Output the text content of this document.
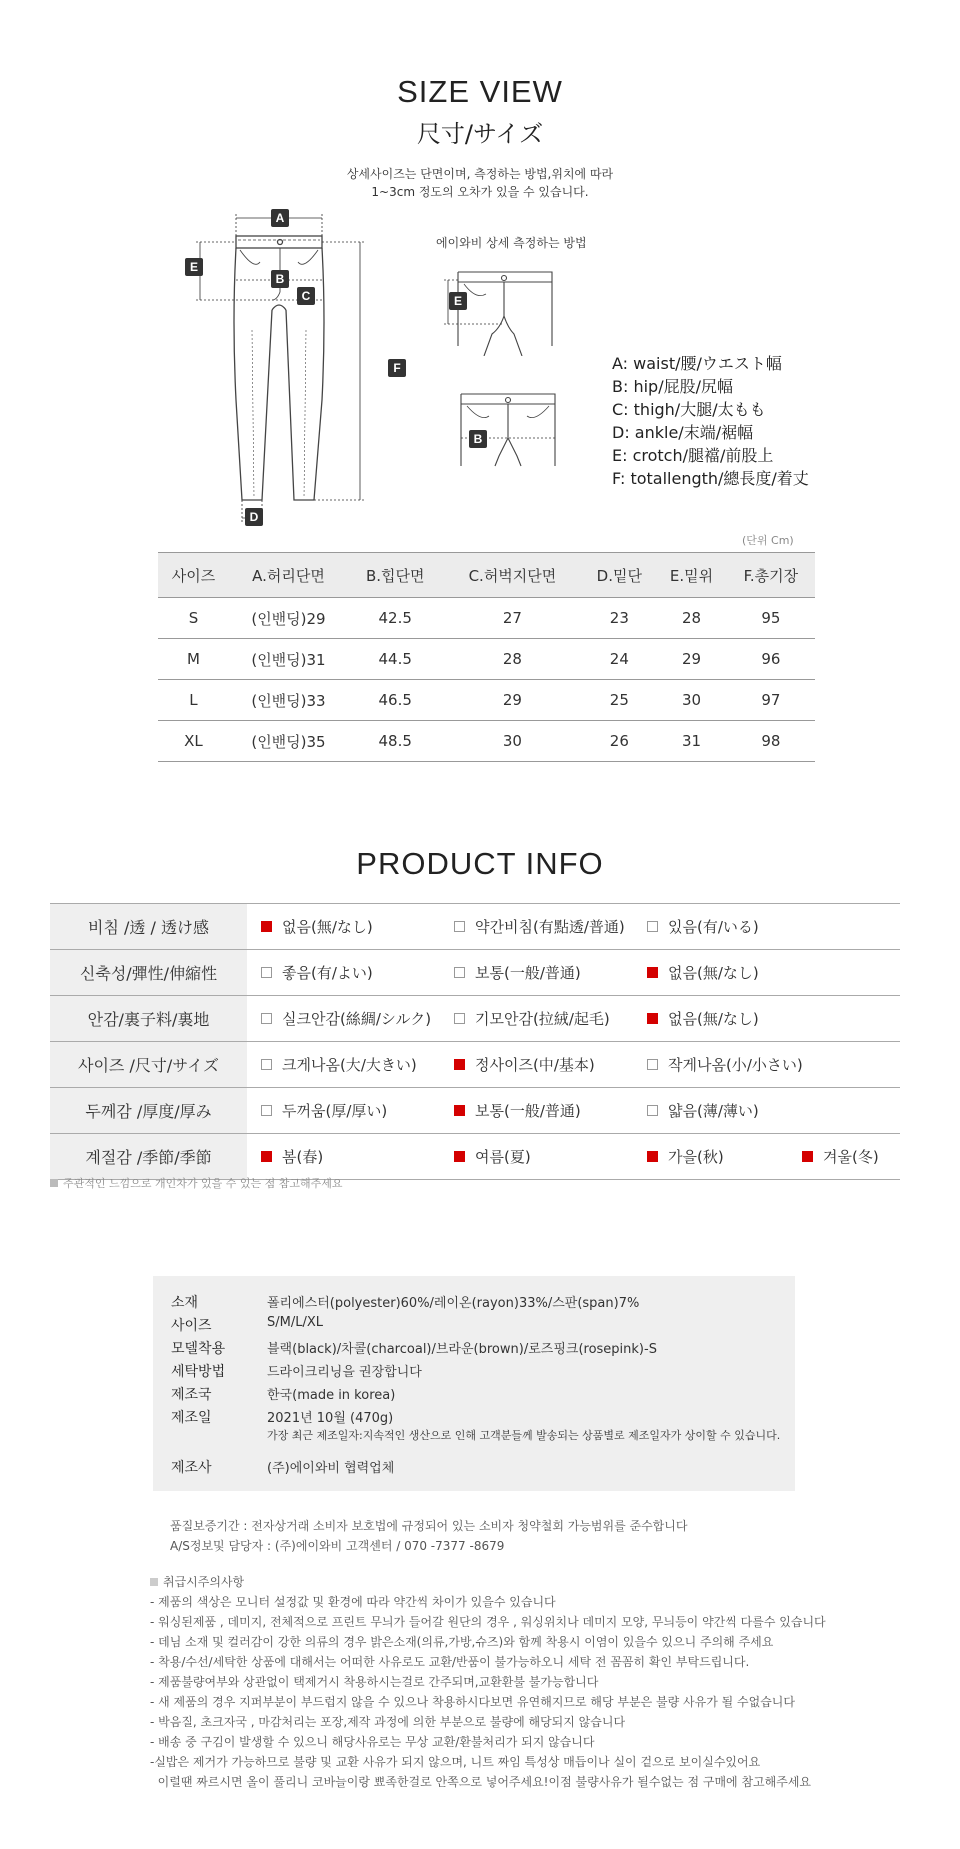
SIZE VIEW
尺寸/サイズ
상세사이즈는 단면이며, 측정하는 방법,위치에 따라
1~3cm 정도의 오차가 있을 수 있습니다.
A
E
B
C
F
D
에이와비 상세 측정하는 방법
E
B
A: waist/腰/ウエスト幅
B: hip/屁股/尻幅
C: thigh/大腿/太もも
D: ankle/末端/裾幅
E: crotch/腿襠/前股上
F: totallength/總長度/着丈
(단위 Cm)
사이즈	A.허리단면	B.힙단면	C.허벅지단면	D.밑단	E.밑위	F.총기장
S	(인밴딩)29	42.5	27	23	28	95
M	(인밴딩)31	44.5	28	24	29	96
L	(인밴딩)33	46.5	29	25	30	97
XL	(인밴딩)35	48.5	30	26	31	98
PRODUCT INFO
비침 /透 / 透け感	없음(無/なし)	약간비침(有點透/普通)	있음(有/いる)	
신축성/彈性/伸縮性	좋음(有/よい)	보통(一般/普通)	없음(無/なし)	
안감/裏子料/裏地	실크안감(絲綢/シルク)	기모안감(拉絨/起毛)	없음(無/なし)	
사이즈 /尺寸/サイズ	크게나옴(大/大きい)	정사이즈(中/基本)	작게나옴(小/小さい)	
두께감 /厚度/厚み	두꺼움(厚/厚い)	보통(一般/普通)	얇음(薄/薄い)	
계절감 /季節/季節	봄(春)	여름(夏)	가을(秋)	겨울(冬)
주관적인 느낌으로 개인차가 있을 수 있는 점 참고해주세요
소재	폴리에스터(polyester)60%/레이온(rayon)33%/스판(span)7%
사이즈	S/M/L/XL
모델착용	블랙(black)/차콜(charcoal)/브라운(brown)/로즈핑크(rosepink)-S
세탁방법	드라이크리닝을 권장합니다
제조국	한국(made in korea)
제조일	2021년 10월 (470g)
가장 최근 제조일자:지속적인 생산으로 인해 고객분들께 발송되는 상품별로 제조일자가 상이할 수 있습니다.
제조사	(주)에이와비 협력업체
품질보증기간 : 전자상거래 소비자 보호법에 규정되어 있는 소비자 청약철회 가능범위를 준수합니다
A/S정보및 담당자 : (주)에이와비 고객센터 / 070 -7377 -8679
취급시주의사항
- 제품의 색상은 모니터 설정값 및 환경에 따라 약간씩 차이가 있을수 있습니다
- 워싱된제품 , 데미지, 전체적으로 프린트 무늬가 들어갈 원단의 경우 , 워싱위치나 데미지 모양, 무늬등이 약간씩 다를수 있습니다
- 데님 소재 및 컬러감이 강한 의류의 경우 밝은소재(의류,가방,슈즈)와 함께 착용시 이염이 있을수 있으니 주의해 주세요
- 착용/수선/세탁한 상품에 대해서는 어떠한 사유로도 교환/반품이 불가능하오니 세탁 전 꼼꼼히 확인 부탁드립니다.
- 제품불량여부와 상관없이 택제거시 착용하시는걸로 간주되며,교환환불 불가능합니다
- 새 제품의 경우 지퍼부분이 부드럽지 않을 수 있으나 착용하시다보면 유연해지므로 해당 부분은 불량 사유가 될 수없습니다
- 박음질, 초크자국 , 마감처리는 포장,제작 과정에 의한 부분으로 불량에 해당되지 않습니다
- 배송 중 구김이 발생할 수 있으니 해당사유로는 무상 교환/환불처리가 되지 않습니다
-실밥은 제거가 가능하므로 불량 및 교환 사유가 되지 않으며, 니트 짜임 특성상 매듭이나 실이 겉으로 보이실수있어요
이럴땐 짜르시면 올이 풀리니 코바늘이랑 뾰족한걸로 안쪽으로 넣어주세요!이점 불량사유가 될수없는 점 구매에 참고해주세요
